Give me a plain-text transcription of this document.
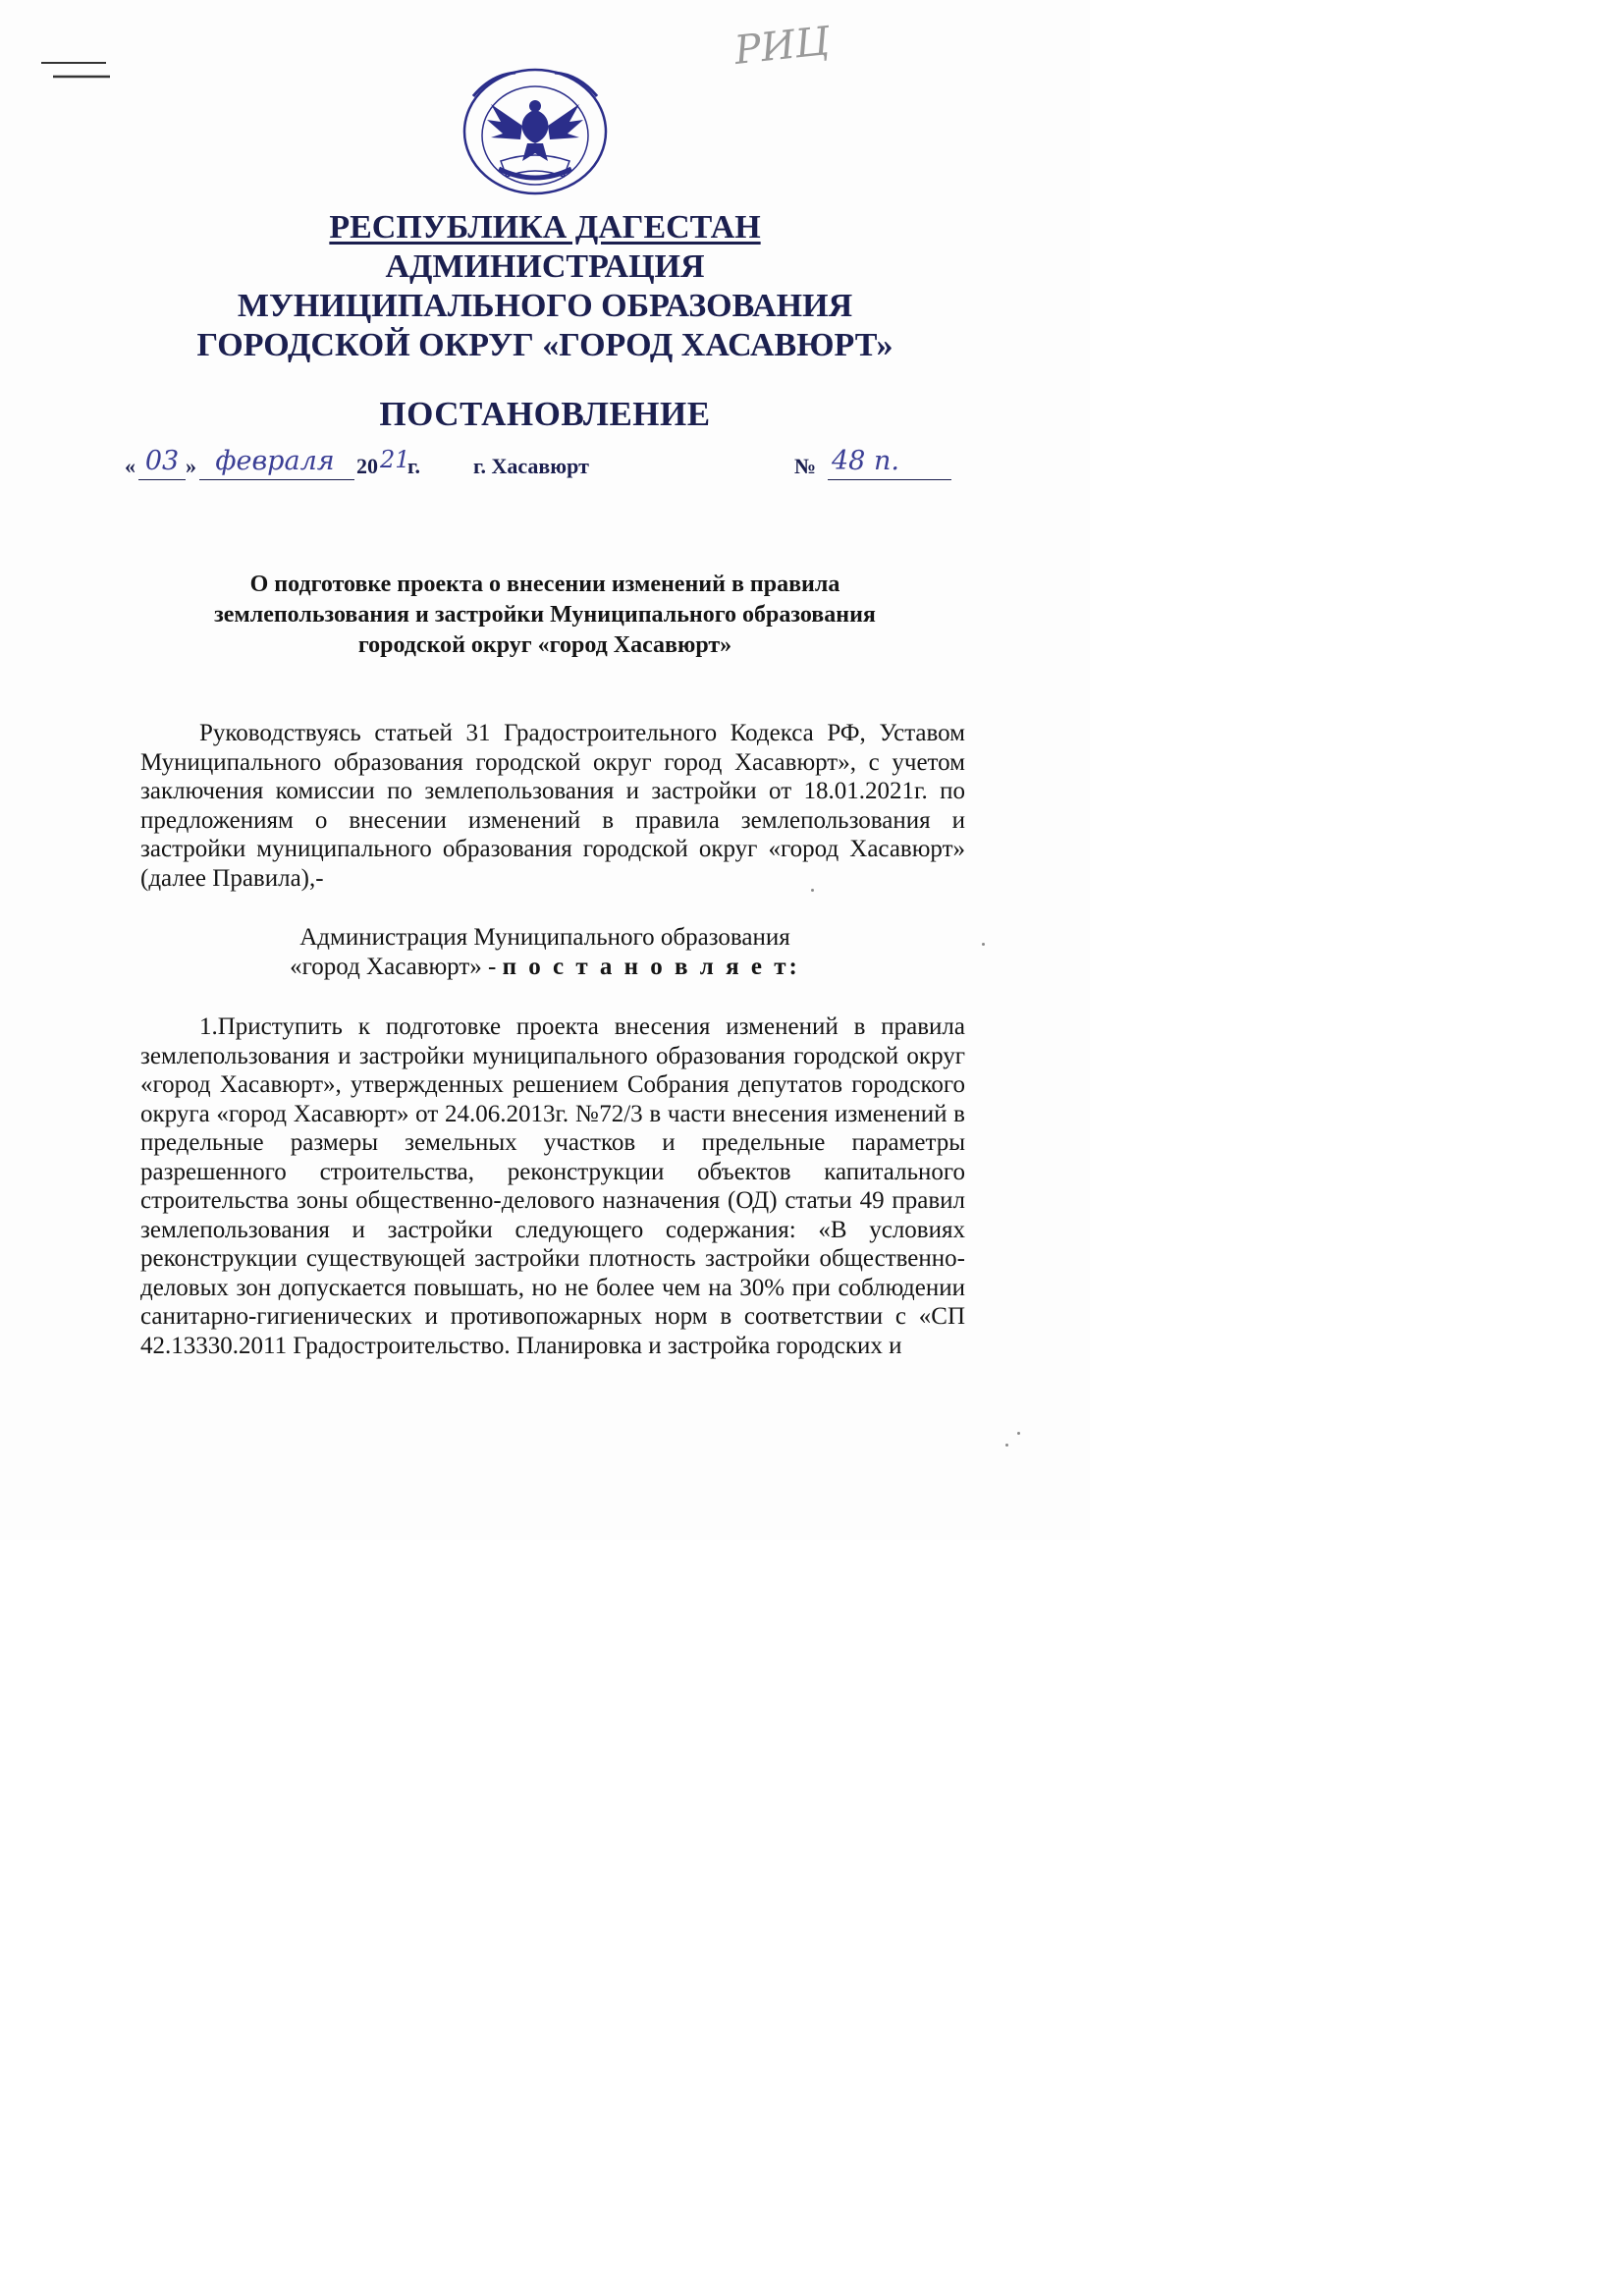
РИЦ
РЕСПУБЛИКА ДАГЕСТАН
АДМИНИСТРАЦИЯ
МУНИЦИПАЛЬНОГО ОБРАЗОВАНИЯ
ГОРОДСКОЙ ОКРУГ «ГОРОД ХАСАВЮРТ»
ПОСТАНОВЛЕНИЕ
« 03 » февраля	20 21
г. г. Хасавюрт	№ 48 п.
О подготовке проекта о внесении изменений в правила
землепользования и застройки Муниципального образования
городской округ «город Хасавюрт»
Руководствуясь статьей 31 Градостроительного Кодекса РФ, Уставом Муниципального образования городской округ город Хасавюрт», с учетом заключения комиссии по землепользования и застройки от 18.01.2021г. по предложениям о внесении изменений в правила землепользования и застройки муниципального образования городской округ «город Хасавюрт» (далее Правила),-
Администрация Муниципального образования
«город Хасавюрт» - п о с т а н о в л я е т:
1.Приступить к подготовке проекта внесения изменений в правила землепользования и застройки муниципального образования городской округ «город Хасавюрт», утвержденных решением Собрания депутатов городского округа «город Хасавюрт» от 24.06.2013г. №72/3 в части внесения изменений в предельные размеры земельных участков и предельные параметры разрешенного строительства, реконструкции объектов капитального строительства зоны общественно-делового назначения (ОД) статьи 49 правил землепользования и застройки следующего содержания: «В условиях реконструкции существующей застройки плотность застройки общественно-деловых зон допускается повышать, но не более чем на 30% при соблюдении санитарно-гигиенических и противопожарных норм в соответствии с «СП 42.13330.2011 Градостроительство. Планировка и застройка городских и
